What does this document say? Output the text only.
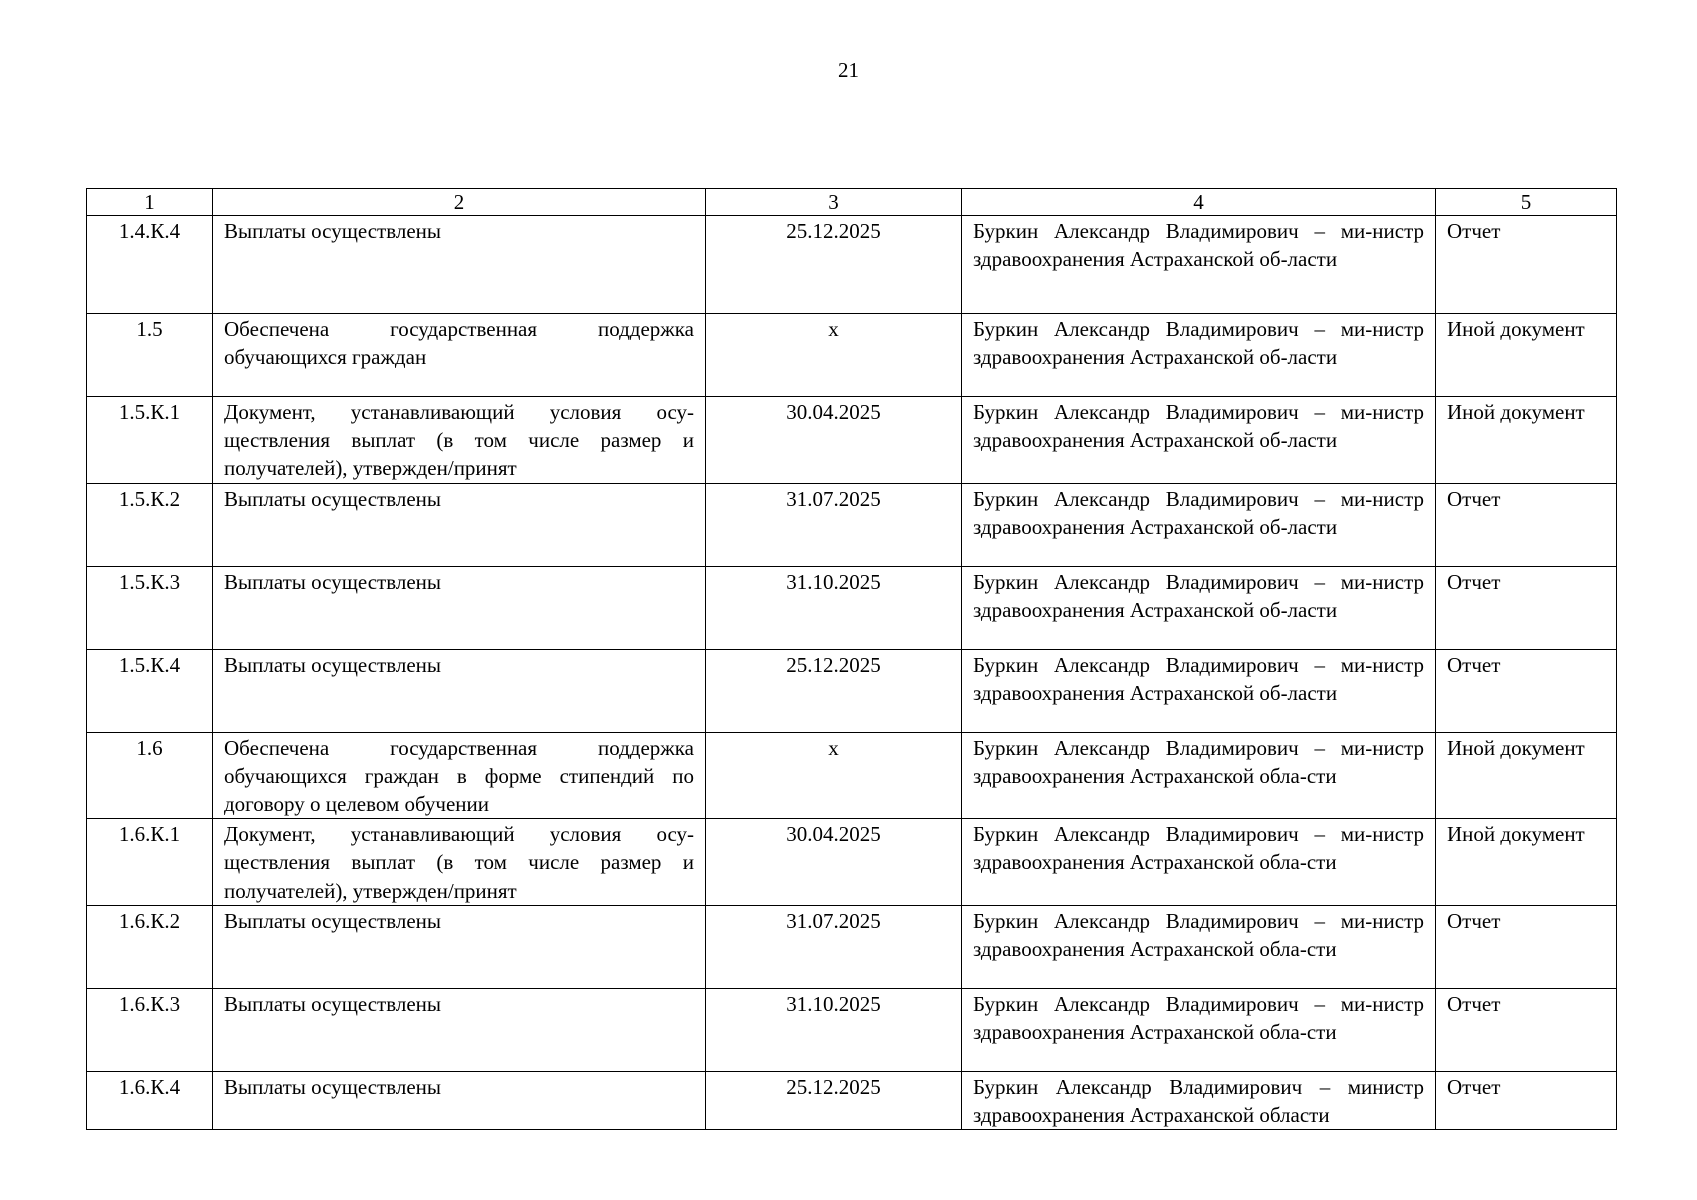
21
1	2	3	4	5
1.4.К.4	Выплаты осуществлены	25.12.2025	Буркин Александр Владимирович – ми-нистр здравоохранения Астраханской об-ласти	Отчет
1.5	Обеспечена государственная поддержка обучающихся граждан	х	Буркин Александр Владимирович – ми-нистр здравоохранения Астраханской об-ласти	Иной документ
1.5.К.1	Документ, устанавливающий условия осу-ществления выплат (в том числе размер и получателей), утвержден/принят	30.04.2025	Буркин Александр Владимирович – ми-нистр здравоохранения Астраханской об-ласти	Иной документ
1.5.К.2	Выплаты осуществлены	31.07.2025	Буркин Александр Владимирович – ми-нистр здравоохранения Астраханской об-ласти	Отчет
1.5.К.3	Выплаты осуществлены	31.10.2025	Буркин Александр Владимирович – ми-нистр здравоохранения Астраханской об-ласти	Отчет
1.5.К.4	Выплаты осуществлены	25.12.2025	Буркин Александр Владимирович – ми-нистр здравоохранения Астраханской об-ласти	Отчет
1.6	Обеспечена государственная поддержка обучающихся граждан в форме стипендий по договору о целевом обучении	х	Буркин Александр Владимирович – ми-нистр здравоохранения Астраханской обла-сти	Иной документ
1.6.К.1	Документ, устанавливающий условия осу-ществления выплат (в том числе размер и получателей), утвержден/принят	30.04.2025	Буркин Александр Владимирович – ми-нистр здравоохранения Астраханской обла-сти	Иной документ
1.6.К.2	Выплаты осуществлены	31.07.2025	Буркин Александр Владимирович – ми-нистр здравоохранения Астраханской обла-сти	Отчет
1.6.К.3	Выплаты осуществлены	31.10.2025	Буркин Александр Владимирович – ми-нистр здравоохранения Астраханской обла-сти	Отчет
1.6.К.4	Выплаты осуществлены	25.12.2025	Буркин Александр Владимирович – министр здравоохранения Астраханской области	Отчет
